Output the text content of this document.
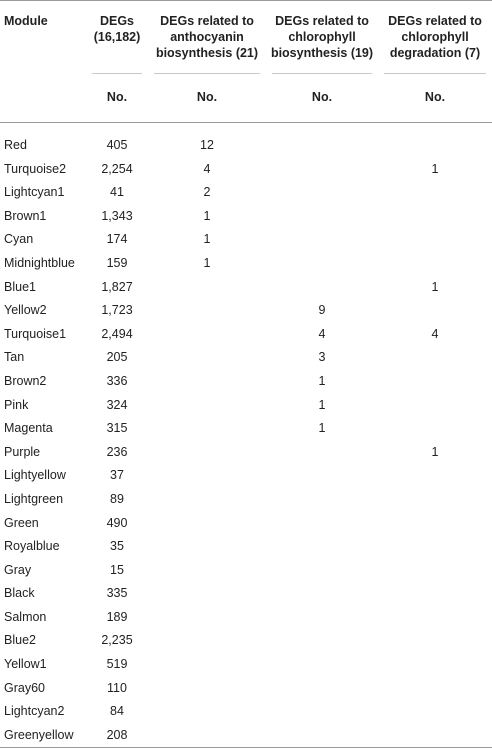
Module	DEGs (16,182)	DEGs related to anthocyanin biosynthesis (21)	DEGs related to chlorophyll biosynthesis (19)	DEGs related to chlorophyll degradation (7)
	No.	No.	No.	No.

Red	405	12		
Turquoise2	2,254	4		1
Lightcyan1	41	2		
Brown1	1,343	1		
Cyan	174	1		
Midnightblue	159	1		
Blue1	1,827			1
Yellow2	1,723		9	
Turquoise1	2,494		4	4
Tan	205		3	
Brown2	336		1	
Pink	324		1	
Magenta	315		1	
Purple	236			1
Lightyellow	37			
Lightgreen	89			
Green	490			
Royalblue	35			
Gray	15			
Black	335			
Salmon	189			
Blue2	2,235			
Yellow1	519			
Gray60	110			
Lightcyan2	84			
Greenyellow	208			
